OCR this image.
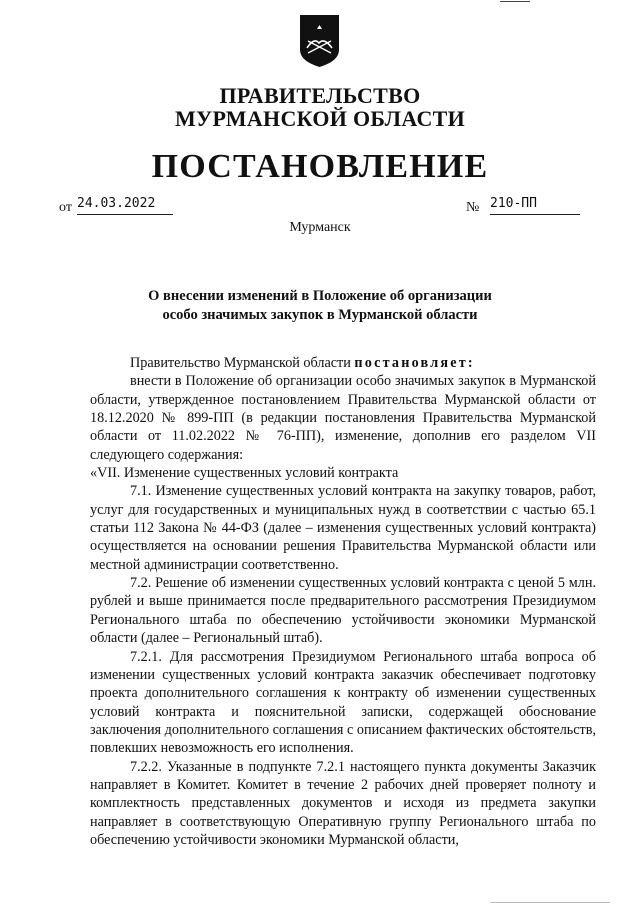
ПРАВИТЕЛЬСТВО
МУРМАНСКОЙ ОБЛАСТИ
ПОСТАНОВЛЕНИЕ
от 24.03.2022	№ 210-ПП
Мурманск
О внесении изменений в Положение об организации
особо значимых закупок в Мурманской области

Правительство Мурманской области постановляет:

внести в Положение об организации особо значимых закупок в Мурманской области, утвержденное постановлением Правительства Мурманской области от 18.12.2020 № 899-ПП (в редакции постановления Правительства Мурманской области от 11.02.2022 № 76-ПП), изменение, дополнив его разделом VII следующего содержания:

«VII. Изменение существенных условий контракта

7.1. Изменение существенных условий контракта на закупку товаров, работ, услуг для государственных и муниципальных нужд в соответствии с частью 65.1 статьи 112 Закона № 44-ФЗ (далее – изменения существенных условий контракта) осуществляется на основании решения Правительства Мурманской области или местной администрации соответственно.

7.2. Решение об изменении существенных условий контракта с ценой 5 млн. рублей и выше принимается после предварительного рассмотрения Президиумом Регионального штаба по обеспечению устойчивости экономики Мурманской области (далее – Региональный штаб).

7.2.1. Для рассмотрения Президиумом Регионального штаба вопроса об изменении существенных условий контракта заказчик обеспечивает подготовку проекта дополнительного соглашения к контракту об изменении существенных условий контракта и пояснительной записки, содержащей обоснование заключения дополнительного соглашения с описанием фактических обстоятельств, повлекших невозможность его исполнения.

7.2.2. Указанные в подпункте 7.2.1 настоящего пункта документы Заказчик направляет в Комитет. Комитет в течение 2 рабочих дней проверяет полноту и комплектность представленных документов и исходя из предмета закупки направляет в соответствующую Оперативную группу Регионального штаба по обеспечению устойчивости экономики Мурманской области,
